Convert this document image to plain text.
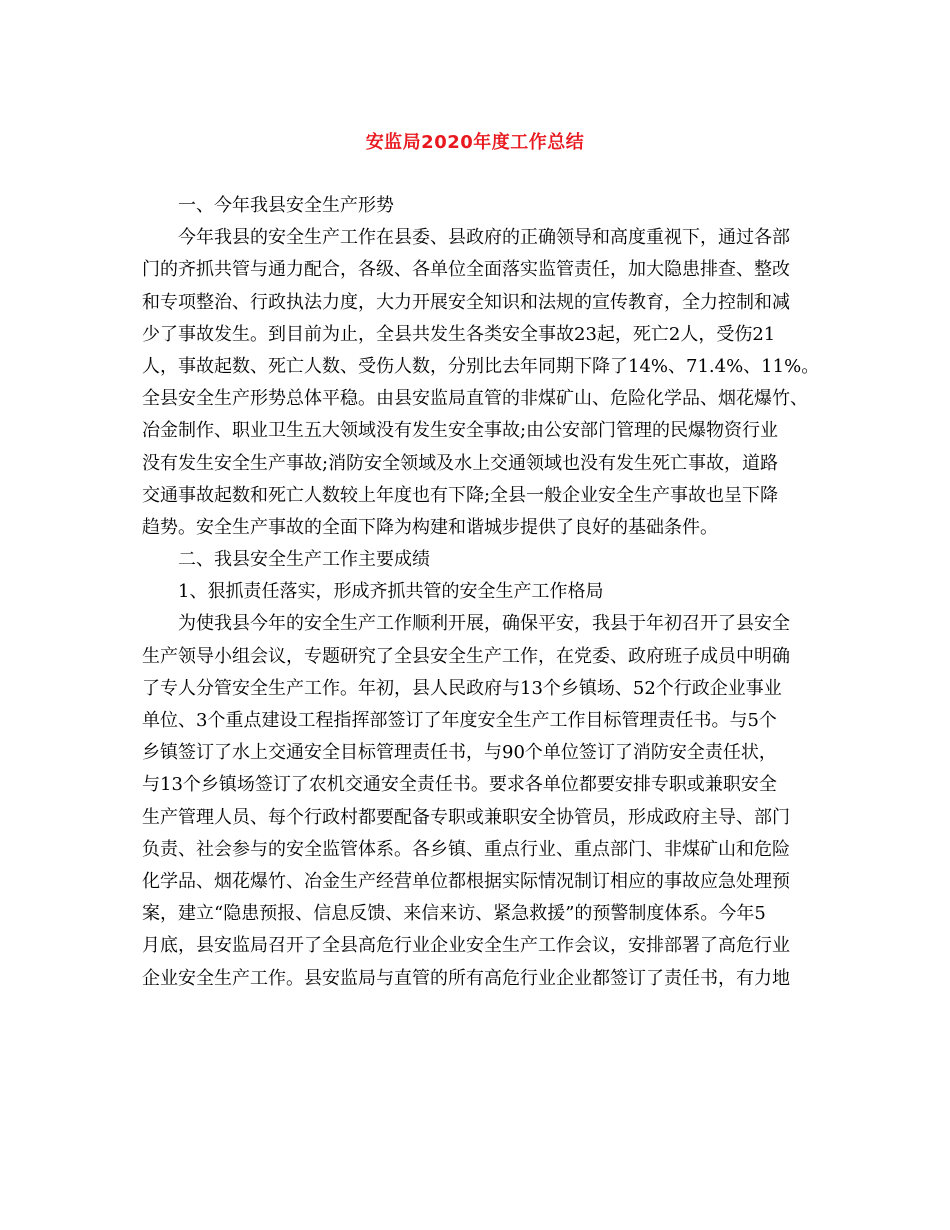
安监局2020年度工作总结
一、今年我县安全生产形势
今年我县的安全生产工作在县委、县政府的正确领导和高度重视下，通过各部
门的齐抓共管与通力配合，各级、各单位全面落实监管责任，加大隐患排查、整改
和专项整治、行政执法力度，大力开展安全知识和法规的宣传教育，全力控制和减
少了事故发生。到目前为止，全县共发生各类安全事故23起，死亡2人，受伤21
人，事故起数、死亡人数、受伤人数，分别比去年同期下降了14%、71.4%、11%。
全县安全生产形势总体平稳。由县安监局直管的非煤矿山、危险化学品、烟花爆竹、
冶金制作、职业卫生五大领域没有发生安全事故;由公安部门管理的民爆物资行业
没有发生安全生产事故;消防安全领域及水上交通领域也没有发生死亡事故，道路
交通事故起数和死亡人数较上年度也有下降;全县一般企业安全生产事故也呈下降
趋势。安全生产事故的全面下降为构建和谐城步提供了良好的基础条件。
二、我县安全生产工作主要成绩
1、狠抓责任落实，形成齐抓共管的安全生产工作格局
为使我县今年的安全生产工作顺利开展，确保平安，我县于年初召开了县安全
生产领导小组会议，专题研究了全县安全生产工作，在党委、政府班子成员中明确
了专人分管安全生产工作。年初，县人民政府与13个乡镇场、52个行政企业事业
单位、3个重点建设工程指挥部签订了年度安全生产工作目标管理责任书。与5个
乡镇签订了水上交通安全目标管理责任书，与90个单位签订了消防安全责任状，
与13个乡镇场签订了农机交通安全责任书。要求各单位都要安排专职或兼职安全
生产管理人员、每个行政村都要配备专职或兼职安全协管员，形成政府主导、部门
负责、社会参与的安全监管体系。各乡镇、重点行业、重点部门、非煤矿山和危险
化学品、烟花爆竹、冶金生产经营单位都根据实际情况制订相应的事故应急处理预
案，建立“隐患预报、信息反馈、来信来访、紧急救援”的预警制度体系。今年5
月底，县安监局召开了全县高危行业企业安全生产工作会议，安排部署了高危行业
企业安全生产工作。县安监局与直管的所有高危行业企业都签订了责任书，有力地
